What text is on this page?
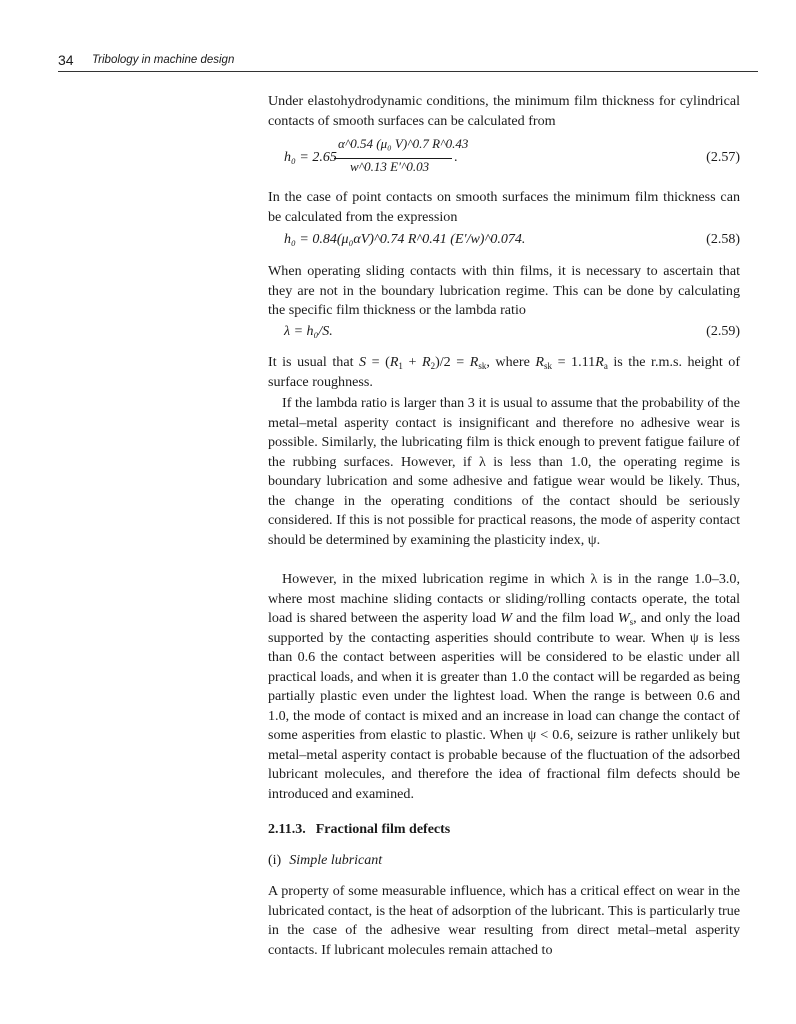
34 Tribology in machine design

Under elastohydrodynamic conditions, the minimum film thickness for cylindrical contacts of smooth surfaces can be calculated from

h₀ = 2.65
α^0.54 (μ₀ V)^0.7 R^0.43
w^0.13 E′^0.03
.	(2.57)

In the case of point contacts on smooth surfaces the minimum film thickness can be calculated from the expression

h₀ = 0.84(μ₀αV)^0.74 R^0.41 (E′/w)^0.074.	(2.58)

When operating sliding contacts with thin films, it is necessary to ascertain that they are not in the boundary lubrication regime. This can be done by calculating the specific film thickness or the lambda ratio

λ = h₀/S.	(2.59)

It is usual that $S = (R_1 + R_2)/2 = R_{sk}$, where $R_{sk} = 1.11R_a$ is the r.m.s. height of surface roughness.

If the lambda ratio is larger than 3 it is usual to assume that the probability of the metal–metal asperity contact is insignificant and therefore no adhesive wear is possible. Similarly, the lubricating film is thick enough to prevent fatigue failure of the rubbing surfaces. However, if λ is less than 1.0, the operating regime is boundary lubrication and some adhesive and fatigue wear would be likely. Thus, the change in the operating conditions of the contact should be seriously considered. If this is not possible for practical reasons, the mode of asperity contact should be determined by examining the plasticity index, ψ.

However, in the mixed lubrication regime in which λ is in the range 1.0–3.0, where most machine sliding contacts or sliding/rolling contacts operate, the total load is shared between the asperity load W and the film load $W_s$, and only the load supported by the contacting asperities should contribute to wear. When ψ is less than 0.6 the contact between asperities will be considered to be elastic under all practical loads, and when it is greater than 1.0 the contact will be regarded as being partially plastic even under the lightest load. When the range is between 0.6 and 1.0, the mode of contact is mixed and an increase in load can change the contact of some asperities from elastic to plastic. When ψ < 0.6, seizure is rather unlikely but metal–metal asperity contact is probable because of the fluctuation of the adsorbed lubricant molecules, and therefore the idea of fractional film defects should be introduced and examined.

2.11.3. Fractional film defects
(i) Simple lubricant

A property of some measurable influence, which has a critical effect on wear in the lubricated contact, is the heat of adsorption of the lubricant. This is particularly true in the case of the adhesive wear resulting from direct metal–metal asperity contacts. If lubricant molecules remain attached to
